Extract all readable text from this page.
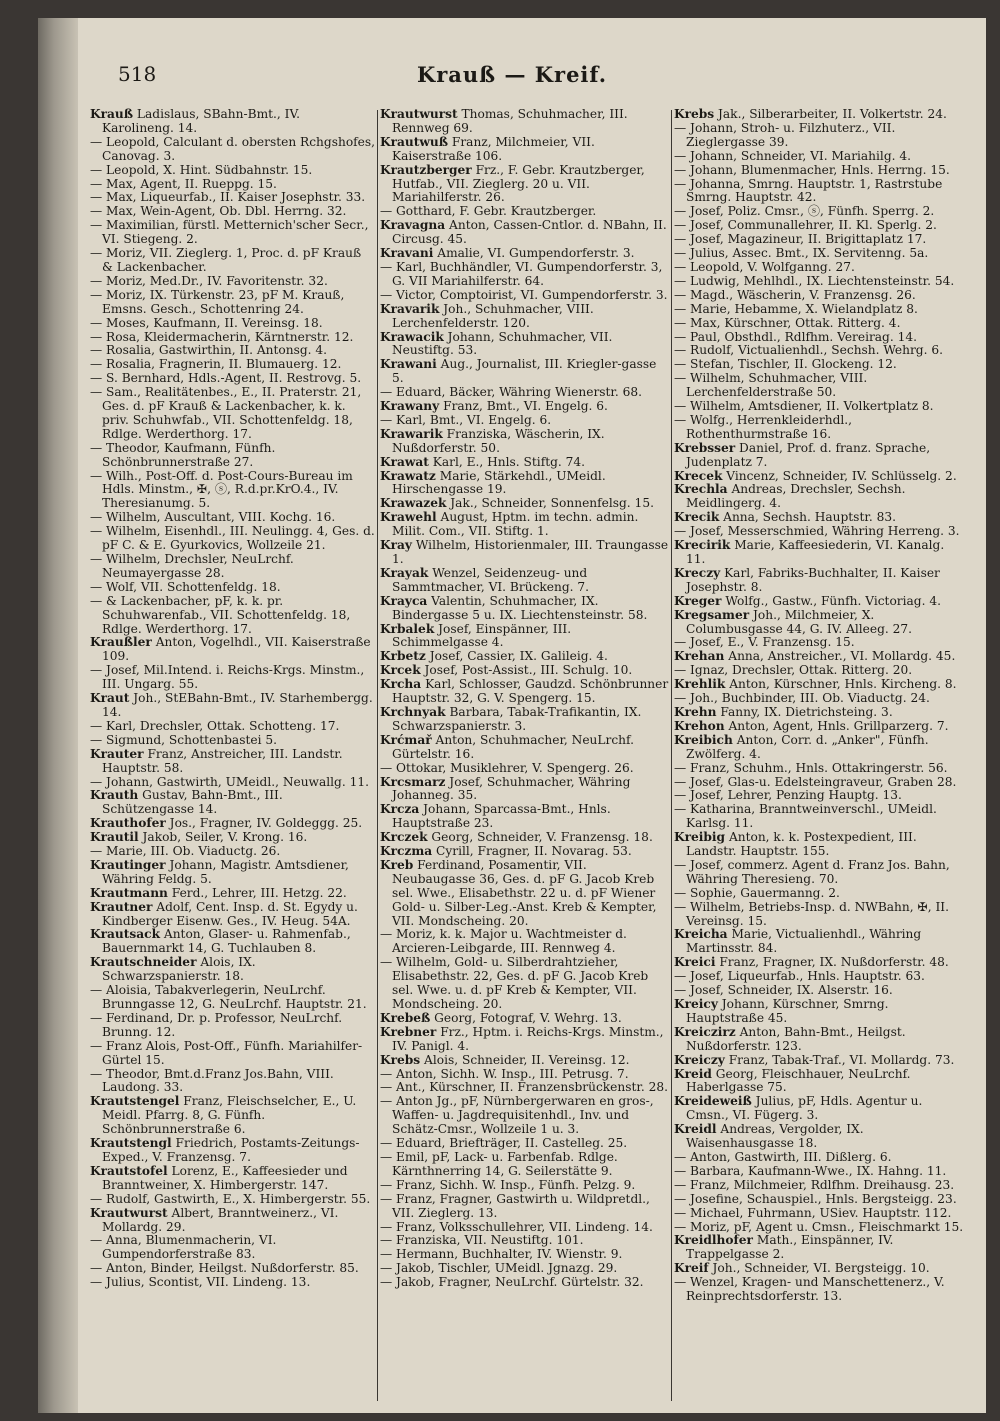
518	Krauß — Kreif.

Krauß Ladislaus, SBahn-Bmt., IV. Karolineng. 14.

— Leopold, Calculant d. obersten Rchgshofes, Canovag. 3.

— Leopold, X. Hint. Südbahnstr. 15.

— Max, Agent, II. Rueppg. 15.

— Max, Liqueurfab., II. Kaiser Josephstr. 33.

— Max, Wein-Agent, Ob. Dbl. Herrng. 32.

— Maximilian, fürstl. Metternich'scher Secr., VI. Stiegeng. 2.

— Moriz, VII. Zieglerg. 1, Proc. d. pF Krauß & Lackenbacher.

— Moriz, Med.Dr., IV. Favoritenstr. 32.

— Moriz, IX. Türkenstr. 23, pF M. Krauß, Emsns. Gesch., Schottenring 24.

— Moses, Kaufmann, II. Vereinsg. 18.

— Rosa, Kleidermacherin, Kärntnerstr. 12.

— Rosalia, Gastwirthin, II. Antonsg. 4.

— Rosalia, Fragnerin, II. Blumauerg. 12.

— S. Bernhard, Hdls.-Agent, II. Restrovg. 5.

— Sam., Realitätenbes., E., II. Praterstr. 21, Ges. d. pF Krauß & Lackenbacher, k. k. priv. Schuhwfab., VII. Schottenfeldg. 18, Rdlge. Werderthorg. 17.

— Theodor, Kaufmann, Fünfh. Schönbrunnerstraße 27.

— Wilh., Post-Off. d. Post-Cours-Bureau im Hdls. Minstm., ✠, ⓢ, R.d.pr.KrO.4., IV. Theresianumg. 5.

— Wilhelm, Auscultant, VIII. Kochg. 16.

— Wilhelm, Eisenhdl., III. Neulingg. 4, Ges. d. pF C. & E. Gyurkovics, Wollzeile 21.

— Wilhelm, Drechsler, NeuLrchf. Neumayergasse 28.

— Wolf, VII. Schottenfeldg. 18.

— & Lackenbacher, pF, k. k. pr. Schuhwarenfab., VII. Schottenfeldg. 18, Rdlge. Werderthorg. 17.

Kraußler Anton, Vogelhdl., VII. Kaiserstraße 109.

— Josef, Mil.Intend. i. Reichs-Krgs. Minstm., III. Ungarg. 55.

Kraut Joh., StEBahn-Bmt., IV. Starhembergg. 14.

— Karl, Drechsler, Ottak. Schotteng. 17.

— Sigmund, Schottenbastei 5.

Krauter Franz, Anstreicher, III. Landstr. Hauptstr. 58.

— Johann, Gastwirth, UMeidl., Neuwallg. 11.

Krauth Gustav, Bahn-Bmt., III. Schützengasse 14.

Krauthofer Jos., Fragner, IV. Goldeggg. 25.

Krautil Jakob, Seiler, V. Krong. 16.

— Marie, III. Ob. Viaductg. 26.

Krautinger Johann, Magistr. Amtsdiener, Währing Feldg. 5.

Krautmann Ferd., Lehrer, III. Hetzg. 22.

Krautner Adolf, Cent. Insp. d. St. Egydy u. Kindberger Eisenw. Ges., IV. Heug. 54A.

Krautsack Anton, Glaser- u. Rahmenfab., Bauernmarkt 14, G. Tuchlauben 8.

Krautschneider Alois, IX. Schwarzspanierstr. 18.

— Aloisia, Tabakverlegerin, NeuLrchf. Brunngasse 12, G. NeuLrchf. Hauptstr. 21.

— Ferdinand, Dr. p. Professor, NeuLrchf. Brunng. 12.

— Franz Alois, Post-Off., Fünfh. Mariahilfer-Gürtel 15.

— Theodor, Bmt.d.Franz Jos.Bahn, VIII. Laudong. 33.

Krautstengel Franz, Fleischselcher, E., U. Meidl. Pfarrg. 8, G. Fünfh. Schönbrunnerstraße 6.

Krautstengl Friedrich, Postamts-Zeitungs-Exped., V. Franzensg. 7.

Krautstofel Lorenz, E., Kaffeesieder und Branntweiner, X. Himbergerstr. 147.

— Rudolf, Gastwirth, E., X. Himbergerstr. 55.

Krautwurst Albert, Branntweinerz., VI. Mollardg. 29.

— Anna, Blumenmacherin, VI. Gumpendorferstraße 83.

— Anton, Binder, Heilgst. Nußdorferstr. 85.

— Julius, Scontist, VII. Lindeng. 13.

Krautwurst Thomas, Schuhmacher, III. Rennweg 69.

Krautwuß Franz, Milchmeier, VII. Kaiserstraße 106.

Krautzberger Frz., F. Gebr. Krautzberger, Hutfab., VII. Zieglerg. 20 u. VII. Mariahilferstr. 26.

— Gotthard, F. Gebr. Krautzberger.

Kravagna Anton, Cassen-Cntlor. d. NBahn, II. Circusg. 45.

Kravani Amalie, VI. Gumpendorferstr. 3.

— Karl, Buchhändler, VI. Gumpendorferstr. 3, G. VII Mariahilferstr. 64.

— Victor, Comptoirist, VI. Gumpendorferstr. 3.

Kravarik Joh., Schuhmacher, VIII. Lerchenfelderstr. 120.

Krawacik Johann, Schuhmacher, VII. Neustiftg. 53.

Krawani Aug., Journalist, III. Kriegler-gasse 5.

— Eduard, Bäcker, Währing Wienerstr. 68.

Krawany Franz, Bmt., VI. Engelg. 6.

— Karl, Bmt., VI. Engelg. 6.

Krawarik Franziska, Wäscherin, IX. Nußdorferstr. 50.

Krawat Karl, E., Hnls. Stiftg. 74.

Krawatz Marie, Stärkehdl., UMeidl. Hirschengasse 19.

Krawazek Jak., Schneider, Sonnenfelsg. 15.

Krawehl August, Hptm. im techn. admin. Milit. Com., VII. Stiftg. 1.

Kray Wilhelm, Historienmaler, III. Traungasse 1.

Krayak Wenzel, Seidenzeug- und Sammtmacher, VI. Brückeng. 7.

Krayca Valentin, Schuhmacher, IX. Bindergasse 5 u. IX. Liechtensteinstr. 58.

Krbalek Josef, Einspänner, III. Schimmelgasse 4.

Krbetz Josef, Cassier, IX. Galileig. 4.

Krcek Josef, Post-Assist., III. Schulg. 10.

Krcha Karl, Schlosser, Gaudzd. Schönbrunner Hauptstr. 32, G. V. Spengerg. 15.

Krchnyak Barbara, Tabak-Trafikantin, IX. Schwarzspanierstr. 3.

Krćmař Anton, Schuhmacher, NeuLrchf. Gürtelstr. 16.

— Ottokar, Musiklehrer, V. Spengerg. 26.

Krcsmarz Josef, Schuhmacher, Währing Johanneg. 35.

Krcza Johann, Sparcassa-Bmt., Hnls. Hauptstraße 23.

Krczek Georg, Schneider, V. Franzensg. 18.

Krczma Cyrill, Fragner, II. Novarag. 53.

Kreb Ferdinand, Posamentir, VII. Neubaugasse 36, Ges. d. pF G. Jacob Kreb sel. Wwe., Elisabethstr. 22 u. d. pF Wiener Gold- u. Silber-Leg.-Anst. Kreb & Kempter, VII. Mondscheing. 20.

— Moriz, k. k. Major u. Wachtmeister d. Arcieren-Leibgarde, III. Rennweg 4.

— Wilhelm, Gold- u. Silberdrahtzieher, Elisabethstr. 22, Ges. d. pF G. Jacob Kreb sel. Wwe. u. d. pF Kreb & Kempter, VII. Mondscheing. 20.

Krebeß Georg, Fotograf, V. Wehrg. 13.

Krebner Frz., Hptm. i. Reichs-Krgs. Minstm., IV. Panigl. 4.

Krebs Alois, Schneider, II. Vereinsg. 12.

— Anton, Sichh. W. Insp., III. Petrusg. 7.

— Ant., Kürschner, II. Franzensbrückenstr. 28.

— Anton Jg., pF, Nürnbergerwaren en gros-, Waffen- u. Jagdrequisitenhdl., Inv. und Schätz-Cmsr., Wollzeile 1 u. 3.

— Eduard, Briefträger, II. Castelleg. 25.

— Emil, pF, Lack- u. Farbenfab. Rdlge. Kärnthnerring 14, G. Seilerstätte 9.

— Franz, Sichh. W. Insp., Fünfh. Pelzg. 9.

— Franz, Fragner, Gastwirth u. Wildpretdl., VII. Zieglerg. 13.

— Franz, Volksschullehrer, VII. Lindeng. 14.

— Franziska, VII. Neustiftg. 101.

— Hermann, Buchhalter, IV. Wienstr. 9.

— Jakob, Tischler, UMeidl. Jgnazg. 29.

— Jakob, Fragner, NeuLrchf. Gürtelstr. 32.

Krebs Jak., Silberarbeiter, II. Volkertstr. 24.

— Johann, Stroh- u. Filzhuterz., VII. Zieglergasse 39.

— Johann, Schneider, VI. Mariahilg. 4.

— Johann, Blumenmacher, Hnls. Herrng. 15.

— Johanna, Smrng. Hauptstr. 1, Rastrstube Smrng. Hauptstr. 42.

— Josef, Poliz. Cmsr., ⓢ, Fünfh. Sperrg. 2.

— Josef, Communallehrer, II. Kl. Sperlg. 2.

— Josef, Magazineur, II. Brigittaplatz 17.

— Julius, Assec. Bmt., IX. Servitenng. 5a.

— Leopold, V. Wolfganng. 27.

— Ludwig, Mehlhdl., IX. Liechtensteinstr. 54.

— Magd., Wäscherin, V. Franzensg. 26.

— Marie, Hebamme, X. Wielandplatz 8.

— Max, Kürschner, Ottak. Ritterg. 4.

— Paul, Obsthdl., Rdlfhm. Vereirag. 14.

— Rudolf, Victualienhdl., Sechsh. Wehrg. 6.

— Stefan, Tischler, II. Glockeng. 12.

— Wilhelm, Schuhmacher, VIII. Lerchenfelderstraße 50.

— Wilhelm, Amtsdiener, II. Volkertplatz 8.

— Wolfg., Herrenkleiderhdl., Rothenthurmstraße 16.

Krebsser Daniel, Prof. d. franz. Sprache, Judenplatz 7.

Krecek Vincenz, Schneider, IV. Schlüsselg. 2.

Krechla Andreas, Drechsler, Sechsh. Meidlingerg. 4.

Krecik Anna, Sechsh. Hauptstr. 83.

— Josef, Messerschmied, Währing Herreng. 3.

Krecirik Marie, Kaffeesiederin, VI. Kanalg. 11.

Kreczy Karl, Fabriks-Buchhalter, II. Kaiser Josephstr. 8.

Kreger Wolfg., Gastw., Fünfh. Victoriag. 4.

Kregsamer Joh., Milchmeier, X. Columbusgasse 44, G. IV. Alleeg. 27.

— Josef, E., V. Franzensg. 15.

Krehan Anna, Anstreicher., VI. Mollardg. 45.

— Ignaz, Drechsler, Ottak. Ritterg. 20.

Krehlik Anton, Kürschner, Hnls. Kircheng. 8.

— Joh., Buchbinder, III. Ob. Viaductg. 24.

Krehn Fanny, IX. Dietrichsteing. 3.

Krehon Anton, Agent, Hnls. Grillparzerg. 7.

Kreibich Anton, Corr. d. „Anker", Fünfh. Zwölferg. 4.

— Franz, Schuhm., Hnls. Ottakringerstr. 56.

— Josef, Glas-u. Edelsteingraveur, Graben 28.

— Josef, Lehrer, Penzing Hauptg. 13.

— Katharina, Branntweinverschl., UMeidl. Karlsg. 11.

Kreibig Anton, k. k. Postexpedient, III. Landstr. Hauptstr. 155.

— Josef, commerz. Agent d. Franz Jos. Bahn, Währing Theresieng. 70.

— Sophie, Gauermanng. 2.

— Wilhelm, Betriebs-Insp. d. NWBahn, ✠, II. Vereinsg. 15.

Kreicha Marie, Victualienhdl., Währing Martinsstr. 84.

Kreici Franz, Fragner, IX. Nußdorferstr. 48.

— Josef, Liqueurfab., Hnls. Hauptstr. 63.

— Josef, Schneider, IX. Alserstr. 16.

Kreicy Johann, Kürschner, Smrng. Hauptstraße 45.

Kreiczirz Anton, Bahn-Bmt., Heilgst. Nußdorferstr. 123.

Kreiczy Franz, Tabak-Traf., VI. Mollardg. 73.

Kreid Georg, Fleischhauer, NeuLrchf. Haberlgasse 75.

Kreideweiß Julius, pF, Hdls. Agentur u. Cmsn., VI. Fügerg. 3.

Kreidl Andreas, Vergolder, IX. Waisenhausgasse 18.

— Anton, Gastwirth, III. Dißlerg. 6.

— Barbara, Kaufmann-Wwe., IX. Hahng. 11.

— Franz, Milchmeier, Rdlfhm. Dreihausg. 23.

— Josefine, Schauspiel., Hnls. Bergsteigg. 23.

— Michael, Fuhrmann, USiev. Hauptstr. 112.

— Moriz, pF, Agent u. Cmsn., Fleischmarkt 15.

Kreidlhofer Math., Einspänner, IV. Trappelgasse 2.

Kreif Joh., Schneider, VI. Bergsteigg. 10.

— Wenzel, Kragen- und Manschettenerz., V. Reinprechtsdorferstr. 13.
